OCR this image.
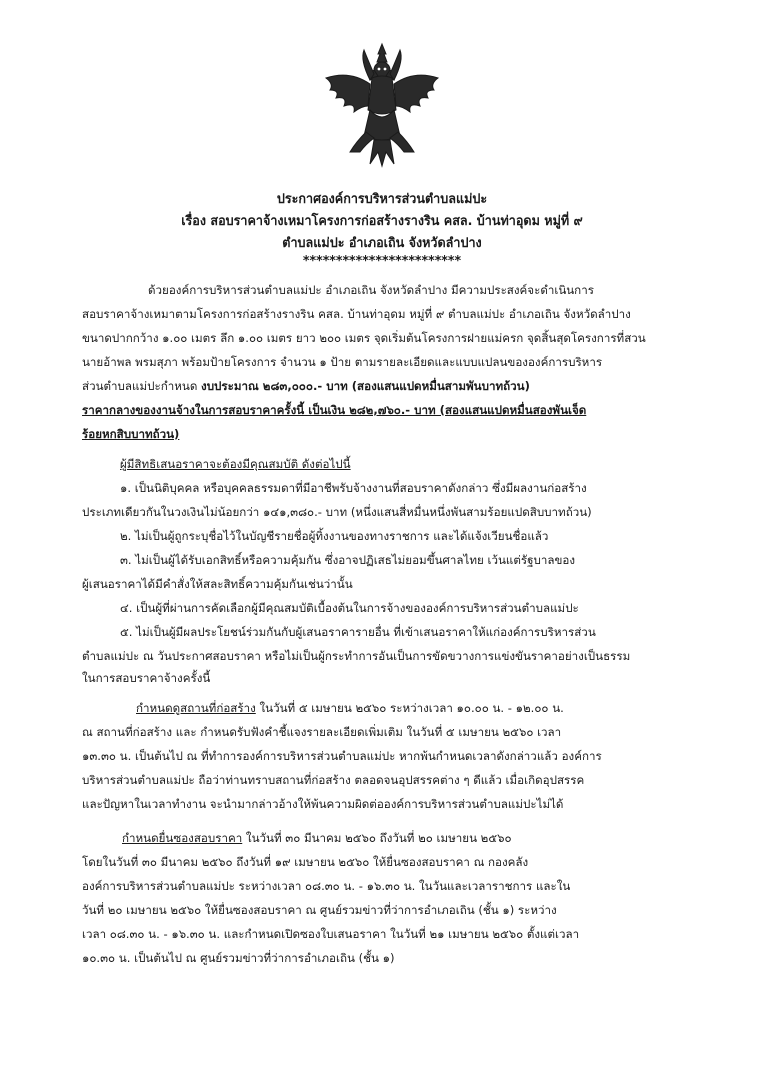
ประกาศองค์การบริหารส่วนตำบลแม่ปะ
เรื่อง สอบราคาจ้างเหมาโครงการก่อสร้างรางริน คสล. บ้านท่าอุดม หมู่ที่ ๙
ตำบลแม่ปะ อำเภอเถิน จังหวัดลำปาง
************************
ด้วยองค์การบริหารส่วนตำบลแม่ปะ อำเภอเถิน จังหวัดลำปาง มีความประสงค์จะดำเนินการ
สอบราคาจ้างเหมาตามโครงการก่อสร้างรางริน คสล. บ้านท่าอุดม หมู่ที่ ๙ ตำบลแม่ปะ อำเภอเถิน จังหวัดลำปาง
ขนาดปากกว้าง ๑.๐๐ เมตร ลึก ๑.๐๐ เมตร ยาว ๒๐๐ เมตร จุดเริ่มต้นโครงการฝายแม่ครก จุดสิ้นสุดโครงการที่สวน
นายอ้าพล พรมสุภา พร้อมป้ายโครงการ จำนวน ๑ ป้าย ตามรายละเอียดและแบบแปลนขององค์การบริหาร
ส่วนตำบลแม่ปะกำหนด งบประมาณ ๒๘๓,๐๐๐.- บาท (สองแสนแปดหมื่นสามพันบาทถ้วน)
ราคากลางของงานจ้างในการสอบราคาครั้งนี้ เป็นเงิน ๒๘๒,๗๖๐.- บาท (สองแสนแปดหมื่นสองพันเจ็ด
ร้อยหกสิบบาทถ้วน)
ผู้มีสิทธิเสนอราคาจะต้องมีคุณสมบัติ ดังต่อไปนี้
๑. เป็นนิติบุคคล หรือบุคคลธรรมดาที่มีอาชีพรับจ้างงานที่สอบราคาดังกล่าว ซึ่งมีผลงานก่อสร้าง
ประเภทเดียวกันในวงเงินไม่น้อยกว่า ๑๔๑,๓๘๐.- บาท (หนึ่งแสนสี่หมื่นหนึ่งพันสามร้อยแปดสิบบาทถ้วน)
๒. ไม่เป็นผู้ถูกระบุชื่อไว้ในบัญชีรายชื่อผู้ทิ้งงานของทางราชการ และได้แจ้งเวียนชื่อแล้ว
๓. ไม่เป็นผู้ได้รับเอกสิทธิ์หรือความคุ้มกัน ซึ่งอาจปฏิเสธไม่ยอมขึ้นศาลไทย เว้นแต่รัฐบาลของ
ผู้เสนอราคาได้มีคำสั่งให้สละสิทธิ์ความคุ้มกันเช่นว่านั้น
๔. เป็นผู้ที่ผ่านการคัดเลือกผู้มีคุณสมบัติเบื้องต้นในการจ้างขององค์การบริหารส่วนตำบลแม่ปะ
๕. ไม่เป็นผู้มีผลประโยชน์ร่วมกันกับผู้เสนอราคารายอื่น ที่เข้าเสนอราคาให้แก่องค์การบริหารส่วน
ตำบลแม่ปะ ณ วันประกาศสอบราคา หรือไม่เป็นผู้กระทำการอันเป็นการขัดขวางการแข่งขันราคาอย่างเป็นธรรม
ในการสอบราคาจ้างครั้งนี้
กำหนดดูสถานที่ก่อสร้าง ในวันที่ ๕ เมษายน ๒๕๖๐ ระหว่างเวลา ๑๐.๐๐ น. - ๑๒.๐๐ น.
ณ สถานที่ก่อสร้าง และ กำหนดรับฟังคำชี้แจงรายละเอียดเพิ่มเติม ในวันที่ ๕ เมษายน ๒๕๖๐ เวลา
๑๓.๓๐ น. เป็นต้นไป ณ ที่ทำการองค์การบริหารส่วนตำบลแม่ปะ หากพ้นกำหนดเวลาดังกล่าวแล้ว องค์การ
บริหารส่วนตำบลแม่ปะ ถือว่าท่านทราบสถานที่ก่อสร้าง ตลอดจนอุปสรรคต่าง ๆ ดีแล้ว เมื่อเกิดอุปสรรค
และปัญหาในเวลาทำงาน จะนำมากล่าวอ้างให้พ้นความผิดต่อองค์การบริหารส่วนตำบลแม่ปะไม่ได้
กำหนดยื่นซองสอบราคา ในวันที่ ๓๐ มีนาคม ๒๕๖๐ ถึงวันที่ ๒๐ เมษายน ๒๕๖๐
โดยในวันที่ ๓๐ มีนาคม ๒๕๖๐ ถึงวันที่ ๑๙ เมษายน ๒๕๖๐ ให้ยื่นซองสอบราคา ณ กองคลัง
องค์การบริหารส่วนตำบลแม่ปะ ระหว่างเวลา ๐๘.๓๐ น. - ๑๖.๓๐ น. ในวันและเวลาราชการ และใน
วันที่ ๒๐ เมษายน ๒๕๖๐ ให้ยื่นซองสอบราคา ณ ศูนย์รวมข่าวที่ว่าการอำเภอเถิน (ชั้น ๑) ระหว่าง
เวลา ๐๘.๓๐ น. - ๑๖.๓๐ น. และกำหนดเปิดซองใบเสนอราคา ในวันที่ ๒๑ เมษายน ๒๕๖๐ ตั้งแต่เวลา
๑๐.๓๐ น. เป็นต้นไป ณ ศูนย์รวมข่าวที่ว่าการอำเภอเถิน (ชั้น ๑)
